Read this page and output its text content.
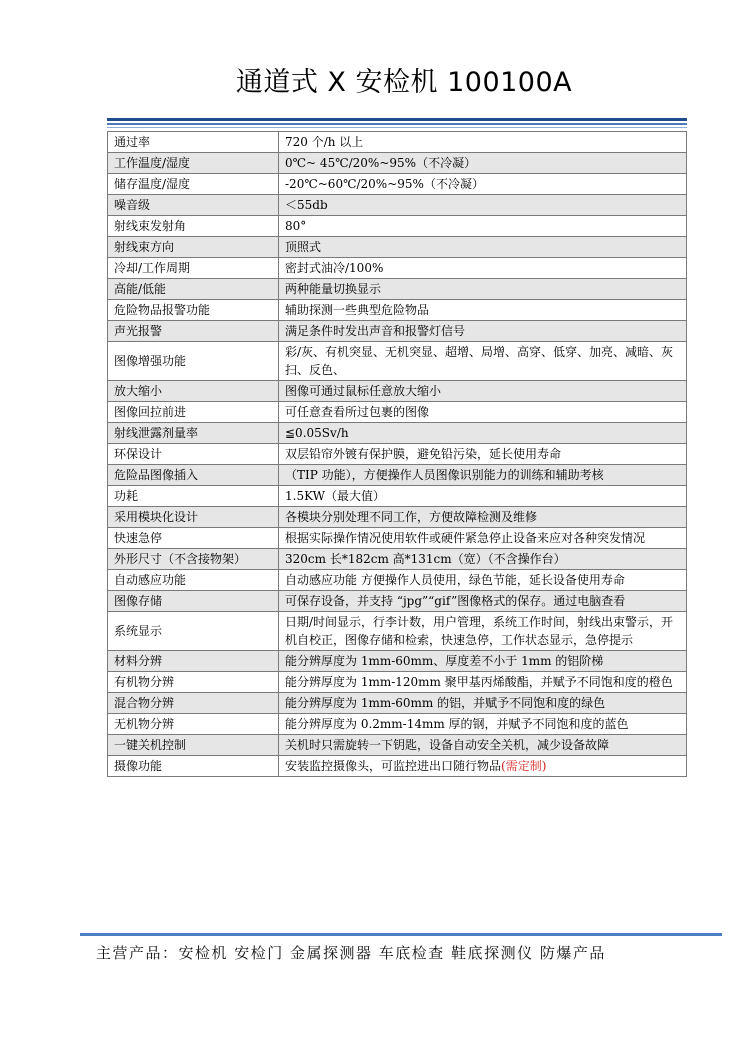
通道式 X 安检机 100100A
通过率	720 个/h 以上
工作温度/湿度	0℃~ 45℃/20%~95%（不冷凝）
储存温度/湿度	-20℃~60℃/20%~95%（不冷凝）
噪音级	＜55db
射线束发射角	80°
射线束方向	顶照式
冷却/工作周期	密封式油冷/100%
高能/低能	两种能量切换显示
危险物品报警功能	辅助探测一些典型危险物品
声光报警	满足条件时发出声音和报警灯信号
图像增强功能	彩/灰、有机突显、无机突显、超增、局增、高穿、低穿、加亮、减暗、灰扫、反色、
放大缩小	图像可通过鼠标任意放大缩小
图像回拉前进	可任意查看所过包裹的图像
射线泄露剂量率	≦0.05Sv/h
环保设计	双层铅帘外镀有保护膜，避免铅污染，延长使用寿命
危险品图像插入	（TIP 功能），方便操作人员图像识别能力的训练和辅助考核
功耗	1.5KW（最大值）
采用模块化设计	各模块分别处理不同工作，方便故障检测及维修
快速急停	根据实际操作情况使用软件或硬件紧急停止设备来应对各种突发情况
外形尺寸（不含接物架）	320cm 长*182cm 高*131cm（宽）（不含操作台）
自动感应功能	自动感应功能 方便操作人员使用，绿色节能，延长设备使用寿命
图像存储	可保存设备，并支持 “jpg”“gif”图像格式的保存。通过电脑查看
系统显示	日期/时间显示，行李计数，用户管理，系统工作时间，射线出束警示，开机自校正，图像存储和检索，快速急停，工作状态显示，急停提示
材料分辨	能分辨厚度为 1mm-60mm、厚度差不小于 1mm 的铝阶梯
有机物分辨	能分辨厚度为 1mm-120mm 聚甲基丙烯酸酯，并赋予不同饱和度的橙色
混合物分辨	能分辨厚度为 1mm-60mm 的铝，并赋予不同饱和度的绿色
无机物分辨	能分辨厚度为 0.2mm-14mm 厚的钢，并赋予不同饱和度的蓝色
一键关机控制	关机时只需旋转一下钥匙，设备自动安全关机，减少设备故障
摄像功能	安装监控摄像头，可监控进出口随行物品(需定制)
主营产品：安检机 安检门 金属探测器 车底检查 鞋底探测仪 防爆产品
